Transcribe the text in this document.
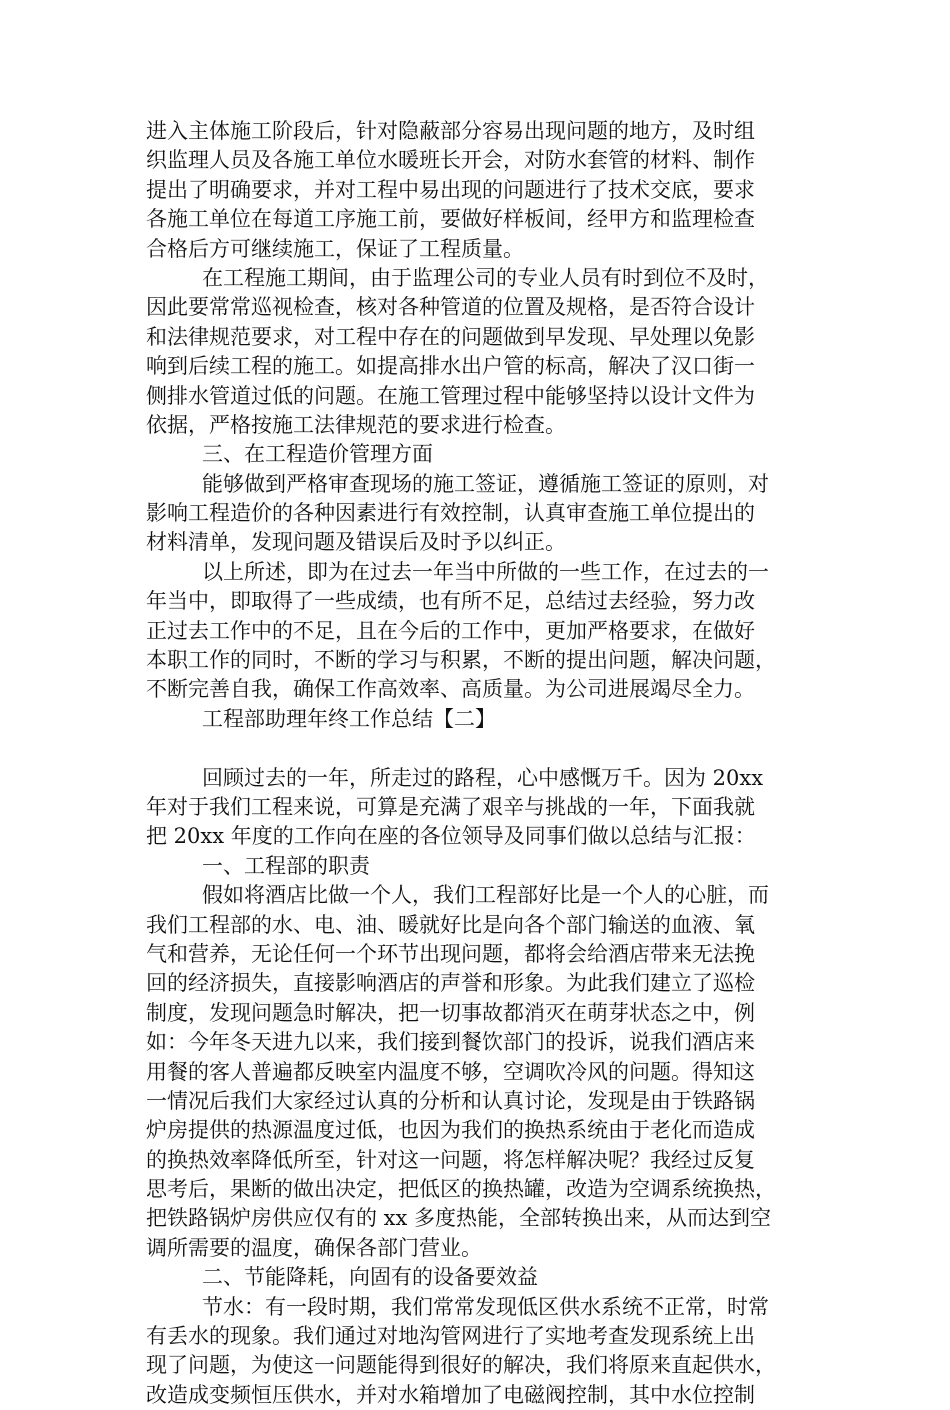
进入主体施工阶段后，针对隐蔽部分容易出现问题的地方，及时组
织监理人员及各施工单位水暖班长开会，对防水套管的材料、制作
提出了明确要求，并对工程中易出现的问题进行了技术交底，要求
各施工单位在每道工序施工前，要做好样板间，经甲方和监理检查
合格后方可继续施工，保证了工程质量。
在工程施工期间，由于监理公司的专业人员有时到位不及时，
因此要常常巡视检查，核对各种管道的位置及规格，是否符合设计
和法律规范要求，对工程中存在的问题做到早发现、早处理以免影
响到后续工程的施工。如提高排水出户管的标高，解决了汉口街一
侧排水管道过低的问题。在施工管理过程中能够坚持以设计文件为
依据，严格按施工法律规范的要求进行检查。
三、在工程造价管理方面
能够做到严格审查现场的施工签证，遵循施工签证的原则，对
影响工程造价的各种因素进行有效控制，认真审查施工单位提出的
材料清单，发现问题及错误后及时予以纠正。
以上所述，即为在过去一年当中所做的一些工作，在过去的一
年当中，即取得了一些成绩，也有所不足，总结过去经验，努力改
正过去工作中的不足，且在今后的工作中，更加严格要求，在做好
本职工作的同时，不断的学习与积累，不断的提出问题，解决问题，
不断完善自我，确保工作高效率、高质量。为公司进展竭尽全力。
工程部助理年终工作总结【二】
回顾过去的一年，所走过的路程，心中感慨万千。因为 20xx
年对于我们工程来说，可算是充满了艰辛与挑战的一年，下面我就
把 20xx 年度的工作向在座的各位领导及同事们做以总结与汇报：
一、工程部的职责
假如将酒店比做一个人，我们工程部好比是一个人的心脏，而
我们工程部的水、电、油、暖就好比是向各个部门输送的血液、氧
气和营养，无论任何一个环节出现问题，都将会给酒店带来无法挽
回的经济损失，直接影响酒店的声誉和形象。为此我们建立了巡检
制度，发现问题急时解决，把一切事故都消灭在萌芽状态之中，例
如：今年冬天进九以来，我们接到餐饮部门的投诉，说我们酒店来
用餐的客人普遍都反映室内温度不够，空调吹冷风的问题。得知这
一情况后我们大家经过认真的分析和认真讨论，发现是由于铁路锅
炉房提供的热源温度过低，也因为我们的换热系统由于老化而造成
的换热效率降低所至，针对这一问题，将怎样解决呢？我经过反复
思考后，果断的做出决定，把低区的换热罐，改造为空调系统换热，
把铁路锅炉房供应仅有的 xx 多度热能，全部转换出来，从而达到空
调所需要的温度，确保各部门营业。
二、节能降耗，向固有的设备要效益
节水：有一段时期，我们常常发现低区供水系统不正常，时常
有丢水的现象。我们通过对地沟管网进行了实地考查发现系统上出
现了问题，为使这一问题能得到很好的解决，我们将原来直起供水，
改造成变频恒压供水，并对水箱增加了电磁阀控制，其中水位控制
